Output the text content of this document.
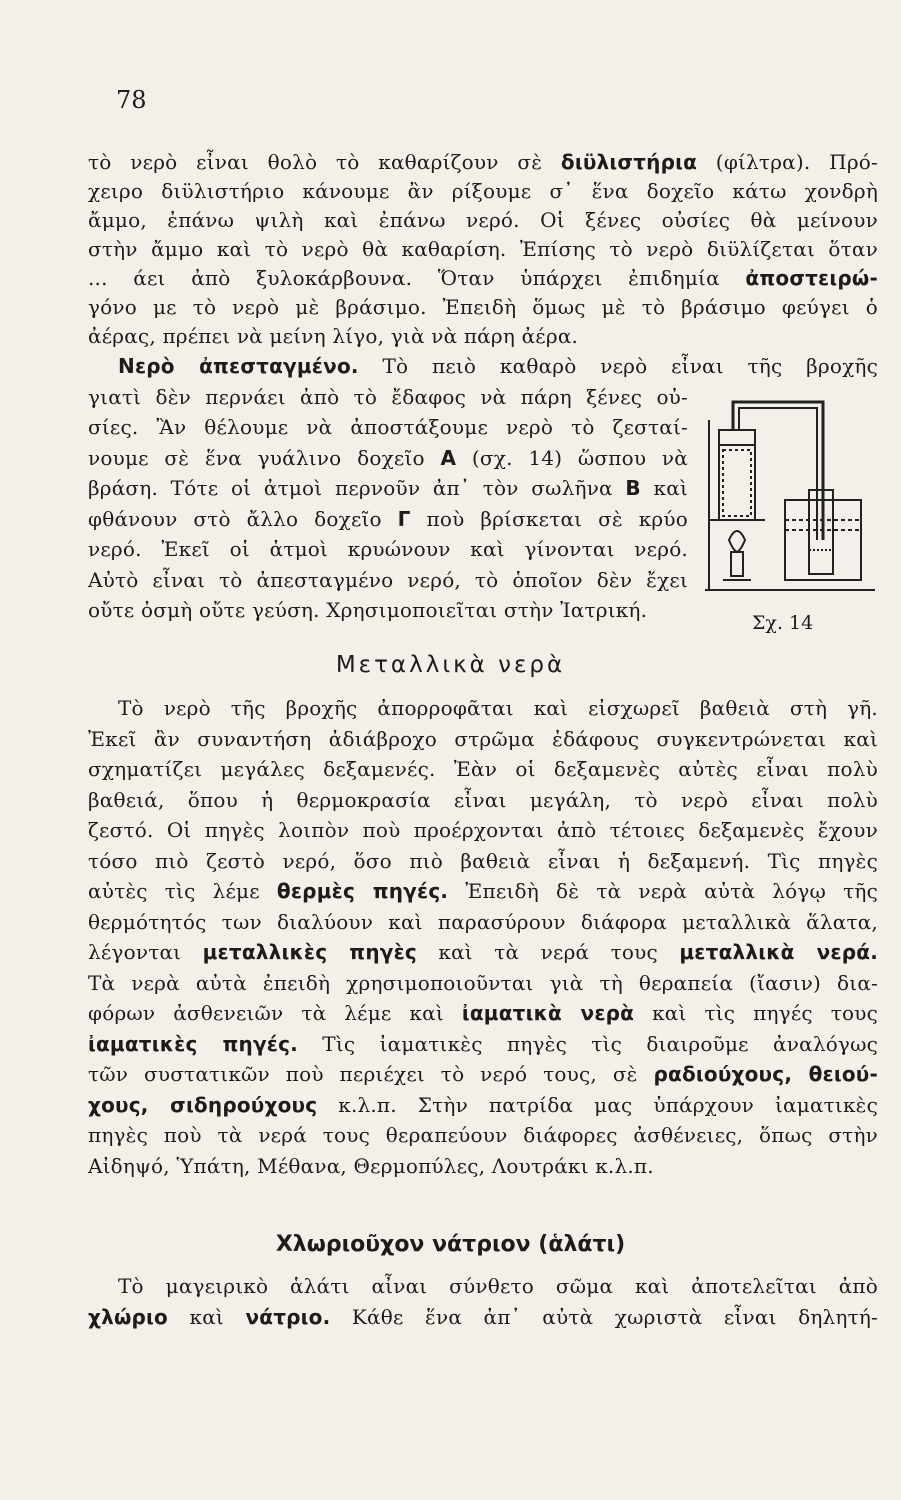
78
τὸ νερὸ εἶναι θολὸ τὸ καθαρίζουν σὲ διϋλιστήρια (φίλτρα). Πρό-
χειρο διϋλιστήριο κάνουμε ἂν ρίξουμε σ᾽ ἕνα δοχεῖο κάτω χονδρὴ
ἄμμο, ἐπάνω ψιλὴ καὶ ἐπάνω νερό. Οἱ ξένες οὐσίες θὰ μείνουν
στὴν ἄμμο καὶ τὸ νερὸ θὰ καθαρίση. Ἐπίσης τὸ νερὸ διϋλίζεται ὅταν
... άει ἀπὸ ξυλοκάρβουνα. Ὅταν ὑπάρχει ἐπιδημία ἀποστειρώ-
γόνο με τὸ νερὸ μὲ βράσιμο. Ἐπειδὴ ὅμως μὲ τὸ βράσιμο φεύγει ὁ
ἀέρας, πρέπει νὰ μείνη λίγο, γιὰ νὰ πάρη ἀέρα.
Νερὸ ἀπεσταγμένο. Τὸ πειὸ καθαρὸ νερὸ εἶναι τῆς βροχῆς
γιατὶ δὲν περνάει ἀπὸ τὸ ἔδαφος νὰ πάρη ξένες οὐ-
σίες. Ἂν θέλουμε νὰ ἀποστάξουμε νερὸ τὸ ζεσταί-
νουμε σὲ ἕνα γυάλινο δοχεῖο Α (σχ. 14) ὥσπου νὰ
βράση. Τότε οἱ ἀτμοὶ περνοῦν ἀπ᾽ τὸν σωλῆνα Β καὶ
φθάνουν στὸ ἄλλο δοχεῖο Γ ποὺ βρίσκεται σὲ κρύο
νερό. Ἐκεῖ οἱ ἀτμοὶ κρυώνουν καὶ γίνονται νερό.
Αὐτὸ εἶναι τὸ ἀπεσταγμένο νερό, τὸ ὁποῖον δὲν ἔχει
οὔτε ὀσμὴ οὔτε γεύση. Χρησιμοποιεῖται στὴν Ἰατρική.
Σχ. 14
Μεταλλικὰ νερὰ
Τὸ νερὸ τῆς βροχῆς ἀπορροφᾶται καὶ εἰσχωρεῖ βαθειὰ στὴ γῆ.
Ἐκεῖ ἂν συναντήση ἀδιάβροχο στρῶμα ἐδάφους συγκεντρώνεται καὶ
σχηματίζει μεγάλες δεξαμενές. Ἐὰν οἱ δεξαμενὲς αὐτὲς εἶναι πολὺ
βαθειά, ὅπου ἡ θερμοκρασία εἶναι μεγάλη, τὸ νερὸ εἶναι πολὺ
ζεστό. Οἱ πηγὲς λοιπὸν ποὺ προέρχονται ἀπὸ τέτοιες δεξαμενὲς ἔχουν
τόσο πιὸ ζεστὸ νερό, ὅσο πιὸ βαθειὰ εἶναι ἡ δεξαμενή. Τὶς πηγὲς
αὐτὲς τὶς λέμε θερμὲς πηγές. Ἐπειδὴ δὲ τὰ νερὰ αὐτὰ λόγῳ τῆς
θερμότητός των διαλύουν καὶ παρασύρουν διάφορα μεταλλικὰ ἅλατα,
λέγονται μεταλλικὲς πηγὲς καὶ τὰ νερά τους μεταλλικὰ νερά.
Τὰ νερὰ αὐτὰ ἐπειδὴ χρησιμοποιοῦνται γιὰ τὴ θεραπεία (ἴασιν) δια-
φόρων ἀσθενειῶν τὰ λέμε καὶ ἰαματικὰ νερὰ καὶ τὶς πηγές τους
ἰαματικὲς πηγές. Τὶς ἰαματικὲς πηγὲς τὶς διαιροῦμε ἀναλόγως
τῶν συστατικῶν ποὺ περιέχει τὸ νερό τους, σὲ ραδιούχους, θειού-
χους, σιδηρούχους κ.λ.π. Στὴν πατρίδα μας ὑπάρχουν ἰαματικὲς
πηγὲς ποὺ τὰ νερά τους θεραπεύουν διάφορες ἀσθένειες, ὅπως στὴν
Αἰδηψό, Ὑπάτη, Μέθανα, Θερμοπύλες, Λουτράκι κ.λ.π.
Χλωριοῦχον νάτριον (ἁλάτι)
Τὸ μαγειρικὸ ἁλάτι αἶναι σύνθετο σῶμα καὶ ἀποτελεῖται ἀπὸ
χλώριο καὶ νάτριο. Κάθε ἕνα ἀπ᾽ αὐτὰ χωριστὰ εἶναι δηλητή-
